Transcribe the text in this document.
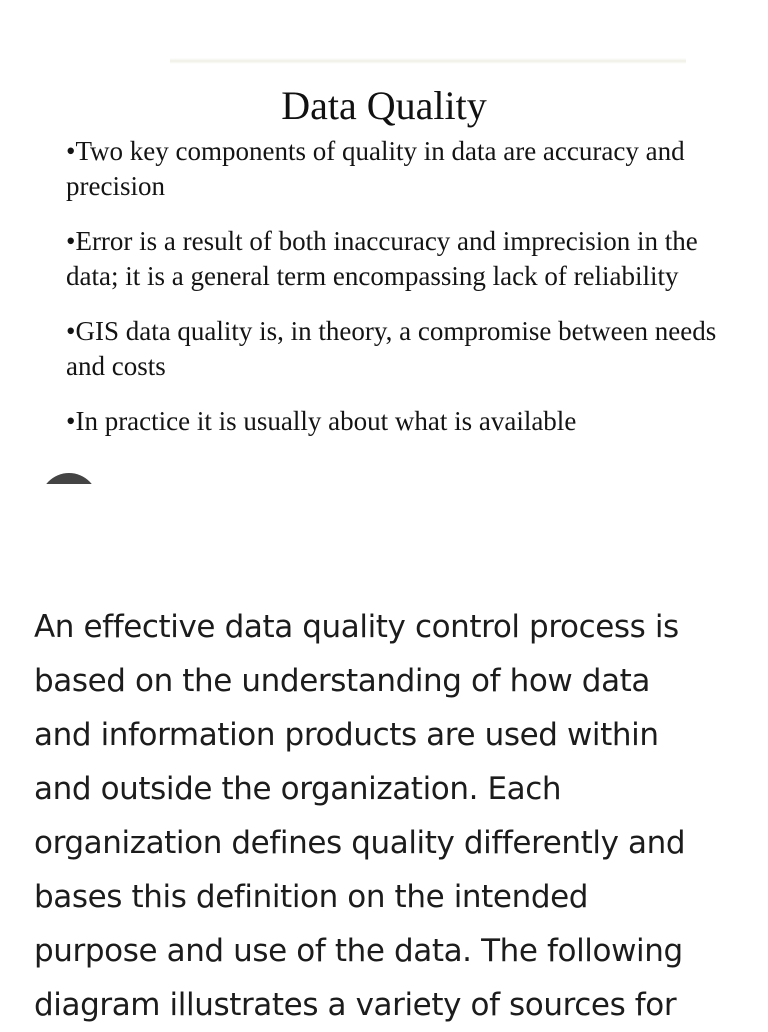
Data Quality
•Two key components of quality in data are accuracy and precision
•Error is a result of both inaccuracy and imprecision in the data; it is a general term encompassing lack of reliability
•GIS data quality is, in theory, a compromise between needs and costs
•In practice it is usually about what is available

An effective data quality control process is
based on the understanding of how data
and information products are used within
and outside the organization. Each
organization defines quality differently and
bases this definition on the intended
purpose and use of the data. The following
diagram illustrates a variety of sources for
